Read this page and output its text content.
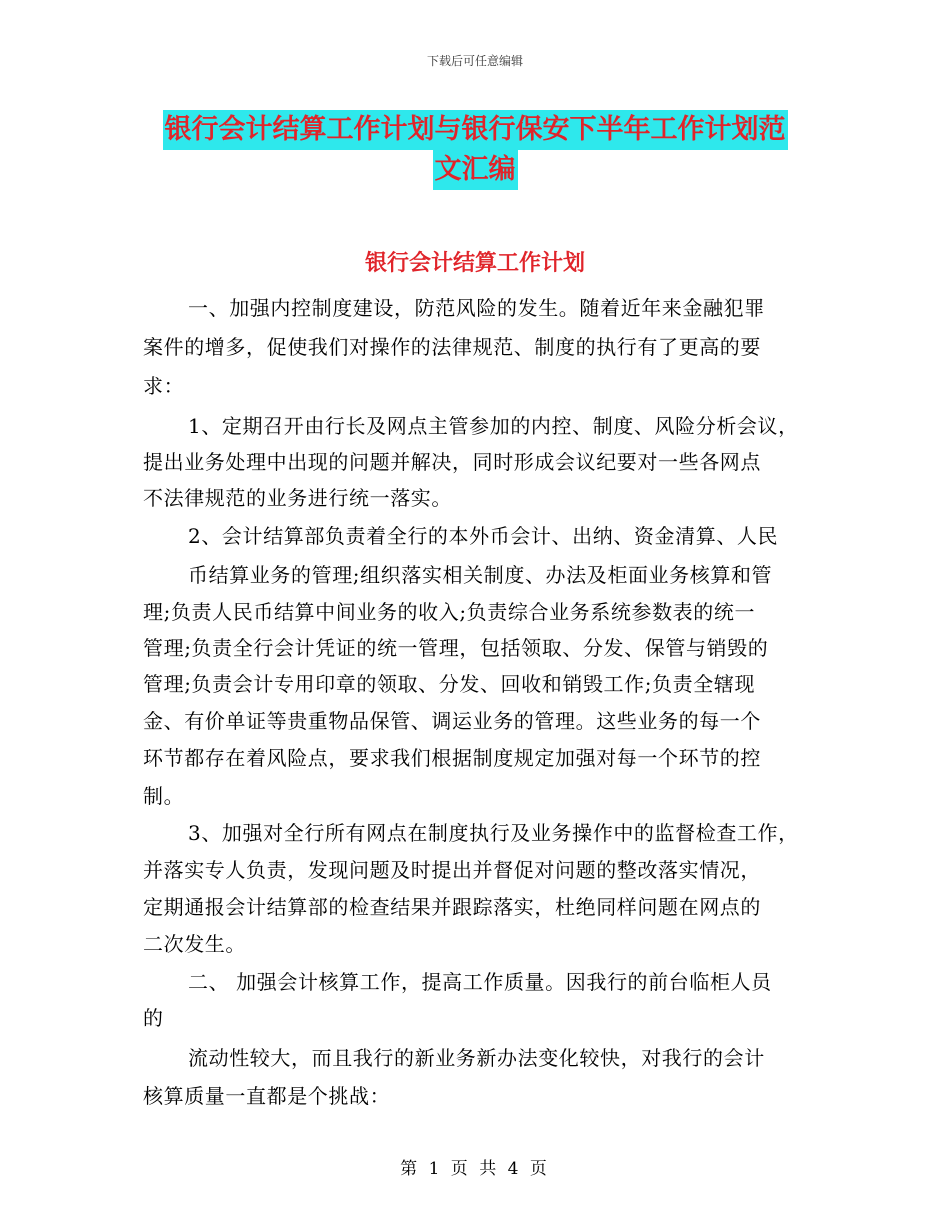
下载后可任意编辑
银行会计结算工作计划与银行保安下半年工作计划范
文汇编
银行会计结算工作计划
一、加强内控制度建设，防范风险的发生。随着近年来金融犯罪
案件的增多，促使我们对操作的法律规范、制度的执行有了更高的要
求：
1、定期召开由行长及网点主管参加的内控、制度、风险分析会议，
提出业务处理中出现的问题并解决，同时形成会议纪要对一些各网点
不法律规范的业务进行统一落实。
2、会计结算部负责着全行的本外币会计、出纳、资金清算、人民
币结算业务的管理;组织落实相关制度、办法及柜面业务核算和管
理;负责人民币结算中间业务的收入;负责综合业务系统参数表的统一
管理;负责全行会计凭证的统一管理，包括领取、分发、保管与销毁的
管理;负责会计专用印章的领取、分发、回收和销毁工作;负责全辖现
金、有价单证等贵重物品保管、调运业务的管理。这些业务的每一个
环节都存在着风险点，要求我们根据制度规定加强对每一个环节的控
制。
3、加强对全行所有网点在制度执行及业务操作中的监督检查工作，
并落实专人负责，发现问题及时提出并督促对问题的整改落实情况，
定期通报会计结算部的检查结果并跟踪落实，杜绝同样问题在网点的
二次发生。
二、 加强会计核算工作，提高工作质量。因我行的前台临柜人员
的
流动性较大，而且我行的新业务新办法变化较快，对我行的会计
核算质量一直都是个挑战：
第 1 页 共 4 页
